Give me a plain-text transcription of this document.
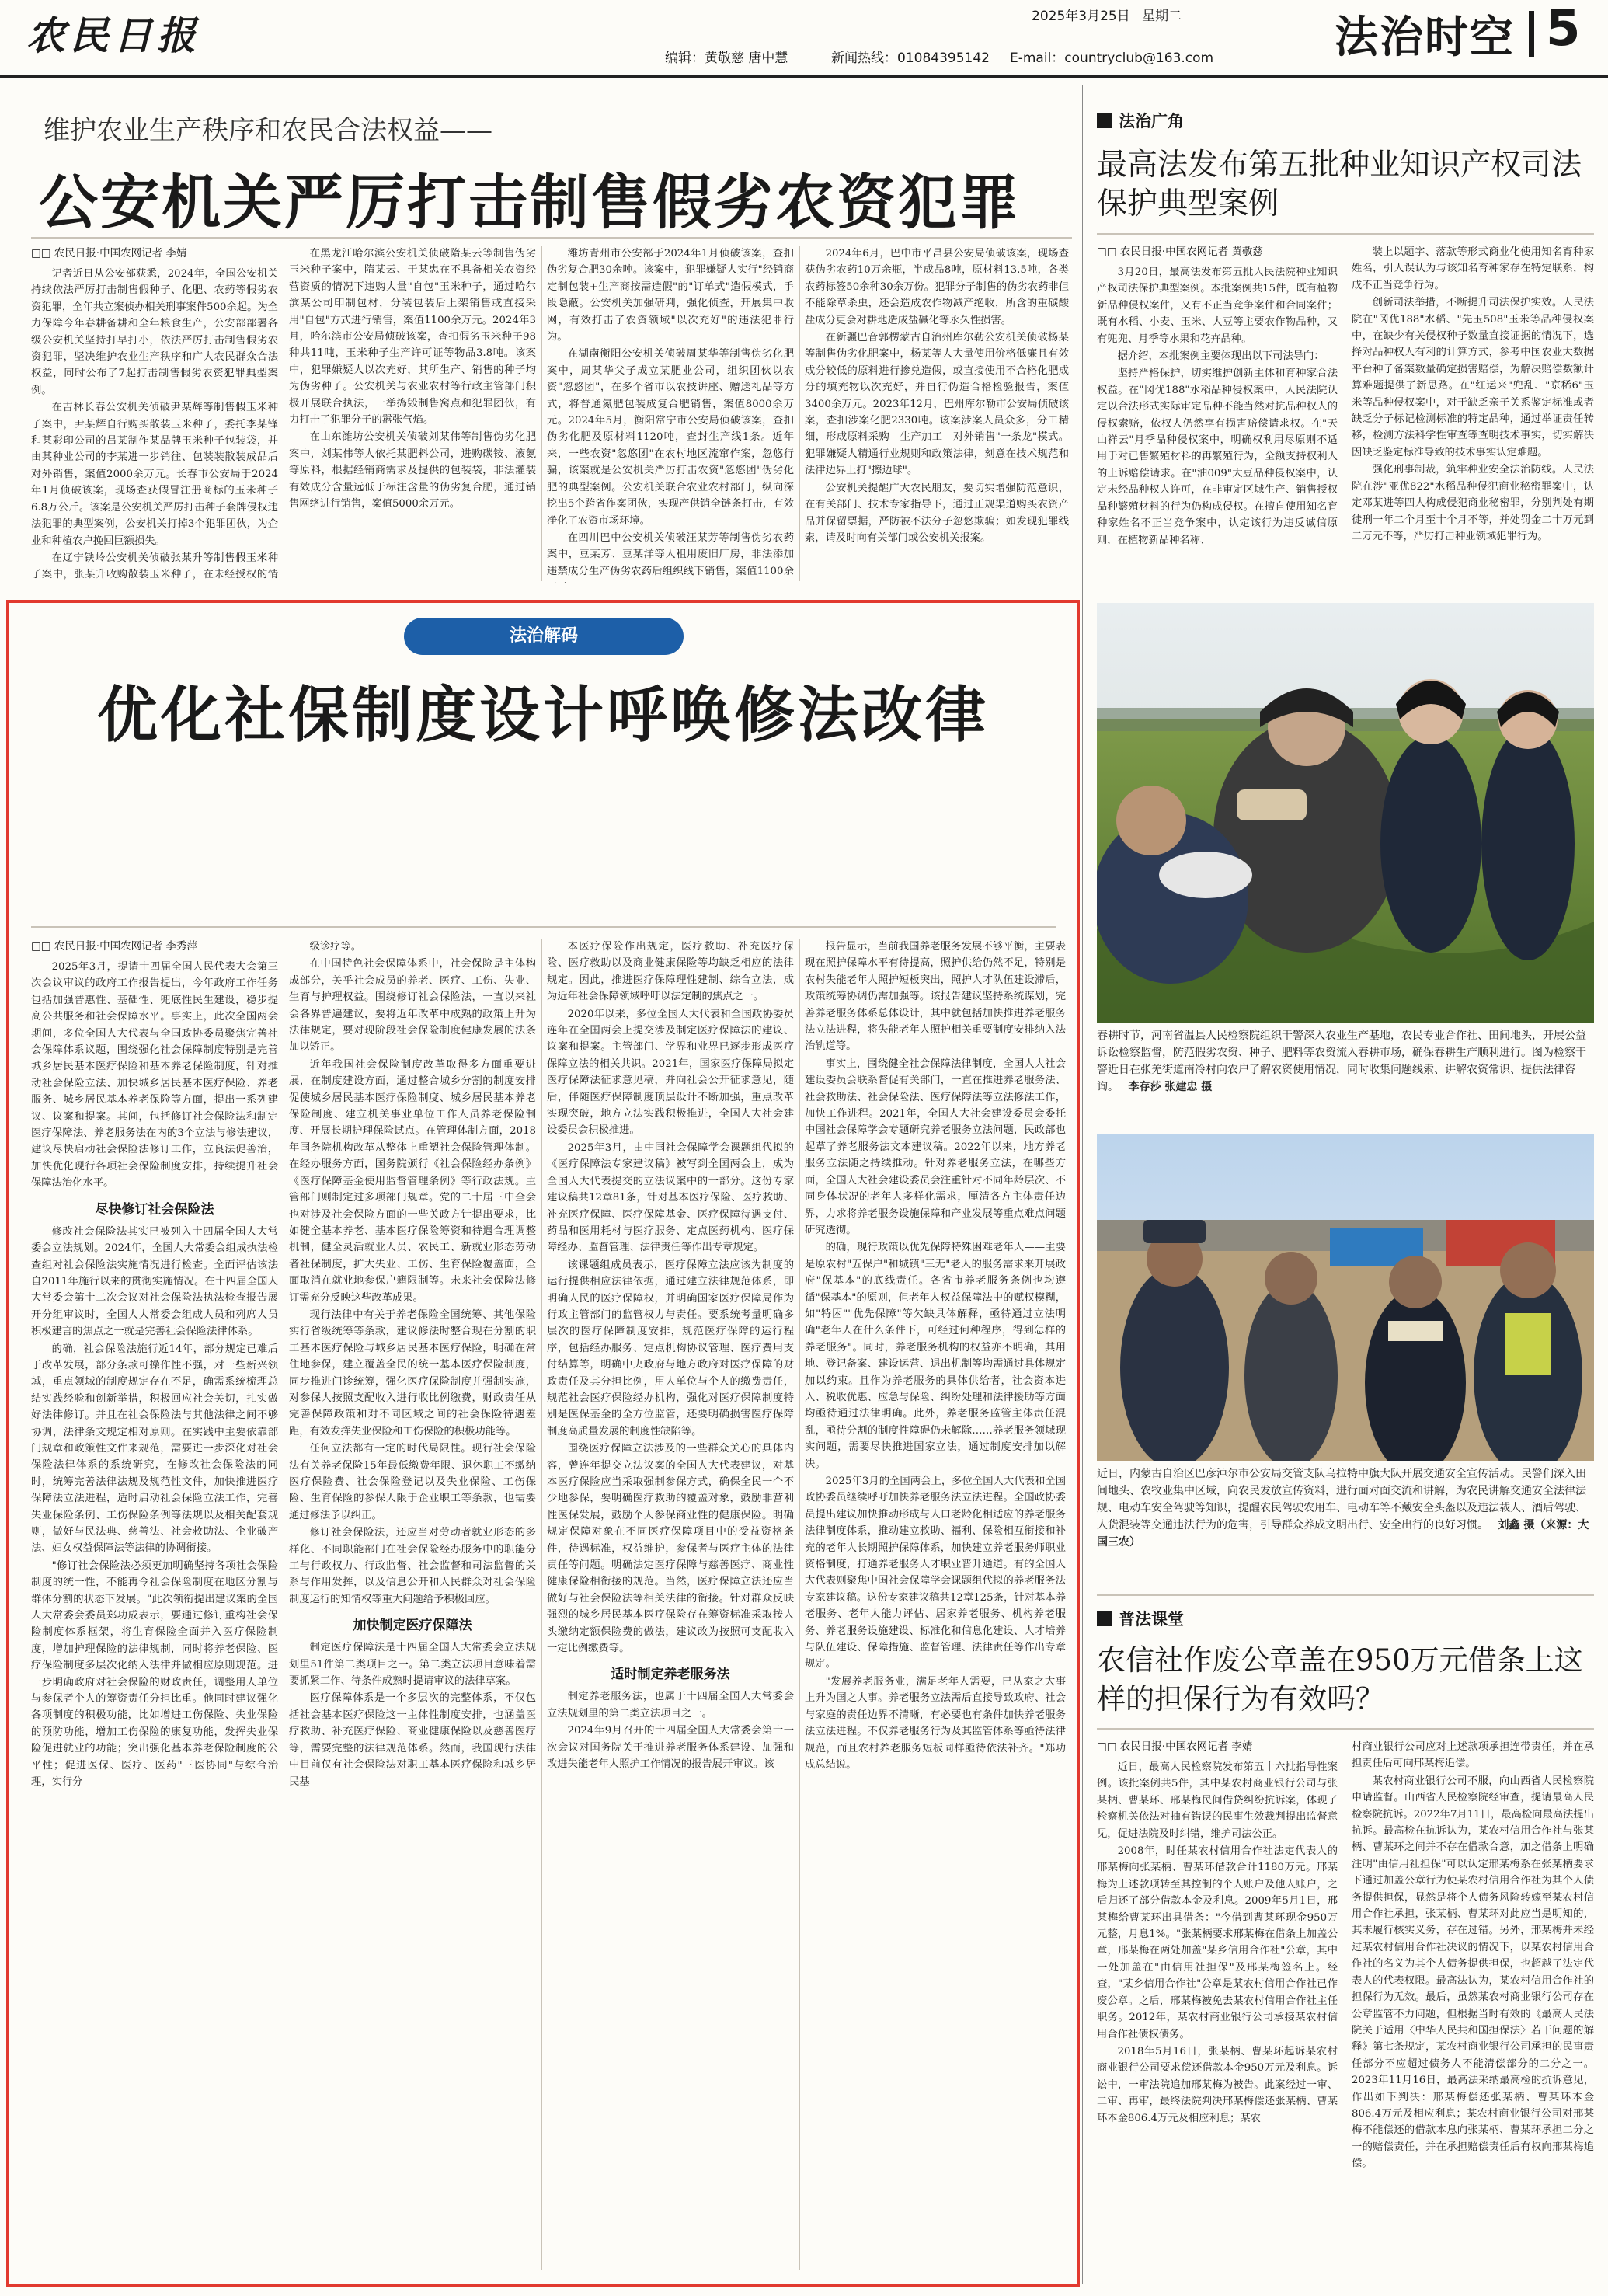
农民日报	2025年3月25日 星期二
编辑：黄敬慈 唐中慧	新闻热线：01084395142 E-mail：countryclub@163.com	法治时空 5
维护农业生产秩序和农民合法权益——
公安机关严厉打击制售假劣农资犯罪
□□ 农民日报·中国农网记者 李婧

记者近日从公安部获悉，2024年，全国公安机关持续依法严厉打击制售假种子、化肥、农药等假劣农资犯罪，全年共立案侦办相关刑事案件500余起。为全力保障今年春耕备耕和全年粮食生产，公安部部署各级公安机关坚持打早打小，依法严厉打击制售假劣农资犯罪，坚决维护农业生产秩序和广大农民群众合法权益，同时公布了7起打击制售假劣农资犯罪典型案例。

在吉林长春公安机关侦破尹某辉等制售假玉米种子案中，尹某辉自行购买散装玉米种子，委托李某锋和某彩印公司的吕某制作某品牌玉米种子包装袋，并由某种业公司的李某进一步销往、包装装散装成品后对外销售，案值2000余万元。长春市公安局于2024年1月侦破该案，现场查获假冒注册商标的玉米种子6.8万公斤。该案是公安机关严厉打击种子套牌侵权违法犯罪的典型案例，公安机关打掉3个犯罪团伙，为企业和种植农户挽回巨额损失。

在辽宁铁岭公安机关侦破张某升等制售假玉米种子案中，张某升收购散装玉米种子，在未经授权的情

在黑龙江哈尔滨公安机关侦破隋某云等制售伪劣玉米种子案中，隋某云、于某忠在不具备相关农资经营资质的情况下违购大量"自包"玉米种子，通过哈尔滨某公司印制包材，分装包装后上架销售或直接采用"自包"方式进行销售，案值1100余万元。2024年3月，哈尔滨市公安局侦破该案，查扣假劣玉米种子98种共11吨，玉米种子生产许可证等物品3.8吨。该案中，犯罪嫌疑人以次充好，其所生产、销售的种子均为伪劣种子。公安机关与农业农村等行政主管部门积极开展联合执法，一举捣毁制售窝点和犯罪团伙，有力打击了犯罪分子的嚣张气焰。

在山东潍坊公安机关侦破刘某伟等制售伪劣化肥案中，刘某伟等人依托某肥料公司，进购碳铵、液氨等原料，根据经销商需求及提供的包装袋，非法灌装有效成分含量远低于标注含量的伪劣复合肥，通过销售网络进行销售，案值5000余万元。

潍坊青州市公安部于2024年1月侦破该案，查扣伪劣复合肥30余吨。该案中，犯罪嫌疑人实行"经销商定制包装+生产商按需造假"的"订单式"造假模式，手段隐蔽。公安机关加强研判，强化侦查，开展集中收网，有效打击了农资领域"以次充好"的违法犯罪行为。

在湖南衡阳公安机关侦破周某华等制售伪劣化肥案中，周某华父子成立某肥业公司，组织团伙以农资"忽悠团"，在多个省市以农技讲座、赠送礼品等方式，将普通氮肥包装成复合肥销售，案值8000余万元。2024年5月，衡阳常宁市公安局侦破该案，查扣伪劣化肥及原材料1120吨，查封生产线1条。近年来，一些农资"忽悠团"在农村地区流窜作案，忽悠行骗，该案就是公安机关严厉打击农资"忽悠团"伪劣化肥的典型案例。公安机关联合农业农村部门，纵向深挖出5个跨省作案团伙，实现产供销全链条打击，有效净化了农资市场环境。

在四川巴中公安机关侦破汪某芳等制售伪劣农药案中，豆某芳、豆某洋等人租用废旧厂房，非法添加违禁成分生产伪劣农药后组织线下销售，案值1100余

2024年6月，巴中市平昌县公安局侦破该案，现场查获伪劣农药10万余瓶，半成品8吨，原材料13.5吨，各类农药标签50余种30余万份。犯罪分子制售的伪劣农药非但不能除草杀虫，还会造成农作物减产绝收，所含的重碳酸盐成分更会对耕地造成盐碱化等永久性损害。

在新疆巴音郭楞蒙古自治州库尔勒公安机关侦破杨某等制售伪劣化肥案中，杨某等人大量使用价格低廉且有效成分较低的原料进行掺兑造假，或直接使用不合格化肥成分的填充物以次充好，并自行伪造合格检验报告，案值3400余万元。2023年12月，巴州库尔勒市公安局侦破该案，查扣涉案化肥2330吨。该案涉案人员众多，分工精细，形成原料采购—生产加工—对外销售"一条龙"模式。犯罪嫌疑人精通行业规则和政策法律，刻意在技术规范和法律边界上打"擦边球"。

公安机关提醒广大农民朋友，要切实增强防范意识，在有关部门、技术专家指导下，通过正规渠道购买农资产品并保留票据，严防被不法分子忽悠欺骗；如发现犯罪线索，请及时向有关部门或公安机关报案。

法治广角
最高法发布第五批种业知识产权司法保护典型案例
□□ 农民日报·中国农网记者 黄敬慈

3月20日，最高法发布第五批人民法院种业知识产权司法保护典型案例。本批案例共15件，既有植物新品种侵权案件，又有不正当竞争案件和合同案件；既有水稻、小麦、玉米、大豆等主要农作物品种，又有兜兜、月季等水果和花卉品种。

据介绍，本批案例主要体现出以下司法导向：

坚持严格保护，切实维护创新主体和育种家合法权益。在"冈优188"水稻品种侵权案中，人民法院认定以合法形式实际审定品种不能当然对抗品种权人的侵权索赔，依权人仍然享有损害赔偿请求权。在"天山祥云"月季品种侵权案中，明确权利用尽原则不适用于对已售繁殖材料的再繁殖行为，全额支持权利人的上诉赔偿请求。在"油009"大豆品种侵权案中，认定未经品种权人许可，在非审定区域生产、销售授权品种繁殖材料的行为仍构成侵权。在擅自使用知名育种家姓名不正当竞争案中，认定该行为违反诚信原则，在植物新品种名称、

装上以题字、落款等形式商业化使用知名育种家姓名，引人误认为与该知名育种家存在特定联系，构成不正当竞争行为。

创新司法举措，不断提升司法保护实效。人民法院在"冈优188"水稻、"先玉508"玉米等品种侵权案中，在缺少有关侵权种子数量直接证据的情况下，选择对品种权人有利的计算方式，参考中国农业大数据平台种子备案数量确定损害赔偿，为解决赔偿数额计算难题提供了新思路。在"红运来"兜乱、"京稀6"玉米等品种侵权案中，对于缺乏亲子关系鉴定标准或者缺乏分子标记检测标准的特定品种，通过举证责任转移，检测方法科学性审查等查明技术事实，切实解决因缺乏鉴定标准导致的技术事实认定难题。

强化刑事制裁，筑牢种业安全法治防线。人民法院在涉"亚优822"水稻品种侵犯商业秘密罪案中，认定邓某进等四人构成侵犯商业秘密罪，分别判处有期徒刑一年二个月至十个月不等，并处罚金二十万元到二万元不等，严厉打击种业领域犯罪行为。

法治解码
优化社保制度设计呼唤修法改律
□□ 农民日报·中国农网记者 李秀萍

2025年3月，提请十四届全国人民代表大会第三次会议审议的政府工作报告提出，今年政府工作任务包括加强普惠性、基础性、兜底性民生建设，稳步提高公共服务和社会保障水平。事实上，此次全国两会期间，多位全国人大代表与全国政协委员聚焦完善社会保障体系议题，围绕强化社会保障制度特别是完善城乡居民基本医疗保险和基本养老保险制度，针对推动社会保险立法、加快城乡居民基本医疗保险、养老服务、城乡居民基本养老保险等方面，提出一系列建议、议案和提案。其间，包括修订社会保险法和制定医疗保障法、养老服务法在内的3个立法与修法建议，建议尽快启动社会保险法修订工作，立良法促善治，加快优化现行各项社会保险制度安排，持续提升社会保障法治化水平。

尽快修订社会保险法

修改社会保险法其实已被列入十四届全国人大常委会立法规划。2024年，全国人大常委会组成执法检查组对社会保险法实施情况进行检查。全面评估该法自2011年施行以来的贯彻实施情况。在十四届全国人大常委会第十二次会议对社会保险法执法检查报告展开分组审议时，全国人大常委会组成人员和列席人员积极建言的焦点之一就是完善社会保险法律体系。

的确，社会保险法施行近14年，部分规定已难后于改革发展，部分条款可操作性不强，对一些新兴领域，重点领域的制度规定存在不足，确需系统梳理总结实践经验和创新举措，积极回应社会关切，扎实做好法律修订。并且在社会保险法与其他法律之间不够协调，法律条文规定相对原则。在实践中主要依靠部门规章和政策性文件来规范，需要进一步深化对社会保险法律体系的系统研究，在修改社会保险法的同时，统筹完善法律法规及规范性文件，加快推进医疗保障法立法进程，适时启动社会保险立法工作，完善失业保险条例、工伤保险条例等法规以及相关配套规则，做好与民法典、慈善法、社会救助法、企业破产法、妇女权益保障法等法律的协调衔接。

"修订社会保险法必须更加明确坚持各项社会保险制度的统一性，不能再令社会保险制度在地区分割与群体分割的状态下发展。"此次领衔提出建议案的全国人大常委会委员郑功成表示，要通过修订重构社会保险制度体系框架，将生育保险全面并入医疗保险制度，增加护理保险的法律规制，同时将养老保险、医疗保险制度多层次化纳入法律并做相应原则规范。进一步明确政府对社会保险的财政责任，调整用人单位与参保者个人的筹资责任分担比重。他同时建议强化各项制度的积极功能，比如增进工伤保险、失业保险的预防功能，增加工伤保险的康复功能，发挥失业保险促进就业的功能；突出强化基本养老保险制度的公平性；促进医保、医疗、医药"三医协同"与综合治理，实行分

级诊疗等。

在中国特色社会保障体系中，社会保险是主体构成部分，关乎社会成员的养老、医疗、工伤、失业、生育与护理权益。围绕修订社会保险法，一直以来社会各界普遍建议，要将近年改革中成熟的政策上升为法律规定，要对现阶段社会保险制度健康发展的法条加以矫正。

近年我国社会保险制度改革取得多方面重要进展，在制度建设方面，通过整合城乡分割的制度安排促使城乡居民基本医疗保险制度、城乡居民基本养老保险制度、建立机关事业单位工作人员养老保险制度、开展长期护理保险试点。在管理体制方面，2018年国务院机构改革从整体上重塑社会保险管理体制。在经办服务方面，国务院颁行《社会保险经办条例》《医疗保障基金使用监督管理条例》等行政法规。主管部门则制定过多项部门规章。党的二十届三中全会也对涉及社会保险方面的一些关政方针提出要求，比如健全基本养老、基本医疗保险筹资和待遇合理调整机制，健全灵活就业人员、农民工、新就业形态劳动者社保制度，扩大失业、工伤、生育保险覆盖面，全面取消在就业地参保户籍限制等。未来社会保险法修订需充分反映这些改革成果。

现行法律中有关于养老保险全国统筹、其他保险实行省级统筹等条款，建议修法时整合现在分割的职工基本医疗保险与城乡居民基本医疗保险，明确在常住地参保，建立覆盖全民的统一基本医疗保险制度，同步推进门诊统筹，强化医疗保险制度并强制实施，对参保人按照支配收入进行收比例缴费，财政责任从完善保障政策和对不同区域之间的社会保险待遇差距，有效发挥失业保险和工伤保险的积极功能等。

任何立法都有一定的时代局限性。现行社会保险法有关养老保险15年最低缴费年限、退休职工不缴纳医疗保险费、社会保险登记以及失业保险、工伤保险、生育保险的参保人限于企业职工等条款，也需要通过修法予以纠正。

修订社会保险法，还应当对劳动者就业形态的多样化、不同职能部门在社会保险经办服务中的职能分工与行政权力、行政监督、社会监督和司法监督的关系与作用发挥，以及信息公开和人民群众对社会保险制度运行的知情权等重大问题给予积极回应。

加快制定医疗保障法

制定医疗保障法是十四届全国人大常委会立法规划里51件第二类项目之一。第二类立法项目意味着需要抓紧工作、待条件成熟时提请审议的法律草案。

医疗保障体系是一个多层次的完整体系，不仅包括社会基本医疗保险这一主体性制度安排，也涵盖医疗救助、补充医疗保险、商业健康保险以及慈善医疗等，需要完整的法律规范体系。然而，我国现行法律中目前仅有社会保险法对职工基本医疗保险和城乡居民基

本医疗保险作出规定，医疗救助、补充医疗保险、医疗救助以及商业健康保险等均缺乏相应的法律规定。因此，推进医疗保障理性建制、综合立法，成为近年社会保障领域呼吁以法定制的焦点之一。

2020年以来，多位全国人大代表和全国政协委员连年在全国两会上提交涉及制定医疗保障法的建议、议案和提案。主管部门、学界和业界已逐步形成医疗保障立法的相关共识。2021年，国家医疗保障局拟定医疗保障法征求意见稿，并向社会公开征求意见，随后，伴随医疗保障制度顶层设计不断加强，重点改革实现突破，地方立法实践积极推进，全国人大社会建设委员会积极推进。

2025年3月，由中国社会保障学会课题组代拟的《医疗保障法专家建议稿》被写到全国两会上，成为全国人大代表提交的立法议案中的一部分。这份专家建议稿共12章81条，针对基本医疗保险、医疗救助、补充医疗保障、医疗保障基金、医疗保障待遇支付、药品和医用耗材与医疗服务、定点医药机构、医疗保障经办、监督管理、法律责任等作出专章规定。

该课题组成员表示，医疗保障立法应该为制度的运行提供相应法律依据，通过建立法律规范体系，即明确人民的医疗保障权，并明确国家医疗保障局作为行政主管部门的监管权力与责任。要系统考量明确多层次的医疗保障制度安排，规范医疗保障的运行程序，包括经办服务、定点机构协议管理、医疗费用支付结算等，明确中央政府与地方政府对医疗保障的财政责任及其分担比例，用人单位与个人的缴费责任，规范社会医疗保险经办机构，强化对医疗保障制度特别是医保基金的全方位监管，还要明确损害医疗保障制度高质量发展的制度性缺陷等。

围绕医疗保障立法涉及的一些群众关心的具体内容，曾连年提交立法议案的全国人大代表建议，对基本医疗保险应当采取强制参保方式，确保全民一个不少地参保，要明确医疗救助的覆盖对象，鼓励非营利性医保发展，鼓励个人参保商业性的健康保险。明确规定保障对象在不同医疗保障项目中的受益资格条件，待遇标准，权益维护，参保者与医疗主体的法律责任等问题。明确法定医疗保障与慈善医疗、商业性健康保险相衔接的规范。当然，医疗保障立法还应当做好与社会保险法等相关法律的衔接。针对群众反映强烈的城乡居民基本医疗保险存在筹资标准采取按人头缴纳定额保险费的做法，建议改为按照可支配收入一定比例缴费等。

适时制定养老服务法

制定养老服务法，也属于十四届全国人大常委会立法规划里的第二类立法项目之一。

2024年9月召开的十四届全国人大常委会第十一次会议对国务院关于推进养老服务体系建设、加强和改进失能老年人照护工作情况的报告展开审议。该

报告显示，当前我国养老服务发展不够平衡，主要表现在照护保障水平有待提高，照护供给仍然不足，特别是农村失能老年人照护短板突出，照护人才队伍建设滞后，政策统筹协调仍需加强等。该报告建议坚持系统谋划，完善养老服务体系总体设计，其中就包括加快推进养老服务法立法进程，将失能老年人照护相关重要制度安排纳入法治轨道等。

事实上，围绕健全社会保障法律制度，全国人大社会建设委员会联系督促有关部门，一直在推进养老服务法、社会救助法、社会保险法、医疗保障法等立法修法工作，加快工作进程。2021年，全国人大社会建设委员会委托中国社会保障学会专题研究养老服务立法问题，民政部也起草了养老服务法文本建议稿。2022年以来，地方养老服务立法随之持续推动。针对养老服务立法，在哪些方面，全国人大社会建设委员会注重针对不同年龄层次、不同身体状况的老年人多样化需求，厘清各方主体责任边界，力求将养老服务设施保障和产业发展等重点难点问题研究透彻。

的确，现行政策以优先保障特殊困难老年人——主要是原农村"五保户"和城镇"三无"老人的服务需求来开展政府"保基本"的底线责任。各省市养老服务条例也均遵循"保基本"的原则，但老年人权益保障法中的赋权模糊，如"特困""优先保障"等欠缺具体解释，亟待通过立法明确"老年人在什么条件下，可经过何种程序，得到怎样的养老服务"。同时，养老服务机构的权益亦不明确，其用地、登记备案、建设运营、退出机制等均需通过具体规定加以约束。且作为养老服务的具体供给者，社会资本进入、税收优惠、应急与保险、纠纷处理和法律援助等方面均亟待通过法律明确。此外，养老服务监管主体责任混乱，亟待分割的制度性障碍仍未解除……养老服务领域现实问题，需要尽快推进国家立法，通过制度安排加以解决。

2025年3月的全国两会上，多位全国人大代表和全国政协委员继续呼吁加快养老服务法立法进程。全国政协委员提出建议加快推动形成与人口老龄化相适应的养老服务法律制度体系，推动建立救助、福利、保险相互衔接和补充的老年人长期照护保障体系，加快建立养老服务师职业资格制度，打通养老服务人才职业晋升通道。有的全国人大代表则聚焦中国社会保障学会课题组代拟的养老服务法专家建议稿。这份专家建议稿共12章125条，针对基本养老服务、老年人能力评估、居家养老服务、机构养老服务、养老服务设施建设、标准化和信息化建设、人才培养与队伍建设、保障措施、监督管理、法律责任等作出专章规定。

"发展养老服务业，满足老年人需要，已从家之大事上升为国之大事。养老服务立法需后直接导致政府、社会与家庭的责任边界不清晰，有必要也有条件加快养老服务法立法进程。不仅养老服务行为及其监管体系等亟待法律规范，而且农村养老服务短板同样亟待依法补齐。"郑功成总结说。

春耕时节，河南省温县人民检察院组织干警深入农业生产基地，农民专业合作社、田间地头，开展公益诉讼检察监督，防范假劣农资、种子、肥料等农资流入春耕市场，确保春耕生产顺利进行。图为检察干警近日在张羌街道南冷村向农户了解农资使用情况，同时收集问题线索、讲解农资常识、提供法律咨询。 李存莎 张建忠 摄
近日，内蒙古自治区巴彦淖尔市公安局交管支队乌拉特中旗大队开展交通安全宣传活动。民警们深入田间地头、农牧业集中区域，向农民发放宣传资料，进行面对面交流和讲解，为农民讲解交通安全法律法规、电动车安全驾驶等知识，提醒农民驾驶农用车、电动车等不戴安全头盔以及违法载人、酒后驾驶、人货混装等交通违法行为的危害，引导群众养成文明出行、安全出行的良好习惯。 刘鑫 摄（来源：大国三农）
普法课堂
农信社作废公章盖在950万元借条上这样的担保行为有效吗？
□□ 农民日报·中国农网记者 李婧

近日，最高人民检察院发布第五十六批指导性案例。该批案例共5件，其中某农村商业银行公司与张某柄、曹某环、邢某梅民间借贷纠纷抗诉案，体现了检察机关依法对抽有错误的民事生效裁判提出监督意见，促进法院及时纠错，维护司法公正。

2008年，时任某农村信用合作社法定代表人的邢某梅向张某柄、曹某环借款合计1180万元。邢某梅为上述款项转至其控制的个人账户及他人账户，之后归还了部分借款本金及利息。2009年5月1日，邢某梅给曹某环出具借条："今借到曹某环现金950万元整，月息1%。"张某柄要求邢某梅在借条上加盖公章，邢某梅在两处加盖"某乡信用合作社"公章，其中一处加盖在"由信用社担保"及邢某梅签名上。经查，"某乡信用合作社"公章是某农村信用合作社已作废公章。之后，邢某梅被免去某农村信用合作社主任职务。2012年，某农村商业银行公司承接某农村信用合作社债权债务。

2018年5月16日，张某柄、曹某环起诉某农村商业银行公司要求偿还借款本金950万元及利息。诉讼中，一审法院追加邢某梅为被告。此案经过一审、二审、再审，最终法院判决邢某梅偿还张某柄、曹某环本金806.4万元及相应利息；某农

村商业银行公司应对上述款项承担连带责任，并在承担责任后可向邢某梅追偿。

某农村商业银行公司不服，向山西省人民检察院申请监督。山西省人民检察院经审查，提请最高人民检察院抗诉。2022年7月11日，最高检向最高法提出抗诉。最高检在抗诉认为，某农村信用合作社与张某柄、曹某环之间并不存在借款合意，加之借条上明确注明"由信用社担保"可以认定邢某梅系在张某柄要求下通过加盖公章行为使某农村信用合作社为其个人债务提供担保，显然是将个人债务风险转嫁至某农村信用合作社承担，张某柄、曹某环对此应当是明知的，其未履行核实义务，存在过错。另外，邢某梅并未经过某农村信用合作社决议的情况下，以某农村信用合作社的名义为其个人债务提供担保，也超越了法定代表人的代表权限。最高法认为，某农村信用合作社的担保行为无效。最后，虽然某农村商业银行公司存在公章监管不力问题，但根据当时有效的《最高人民法院关于适用〈中华人民共和国担保法〉若干问题的解释》第七条规定，某农村商业银行公司承担的民事责任部分不应超过债务人不能清偿部分的二分之一。2023年11月16日，最高法采纳最高检的抗诉意见，作出如下判决：邢某梅偿还张某柄、曹某环本金806.4万元及相应利息；某农村商业银行公司对邢某梅不能偿还的借款本息向张某柄、曹某环承担二分之一的赔偿责任，并在承担赔偿责任后有权向邢某梅追偿。
